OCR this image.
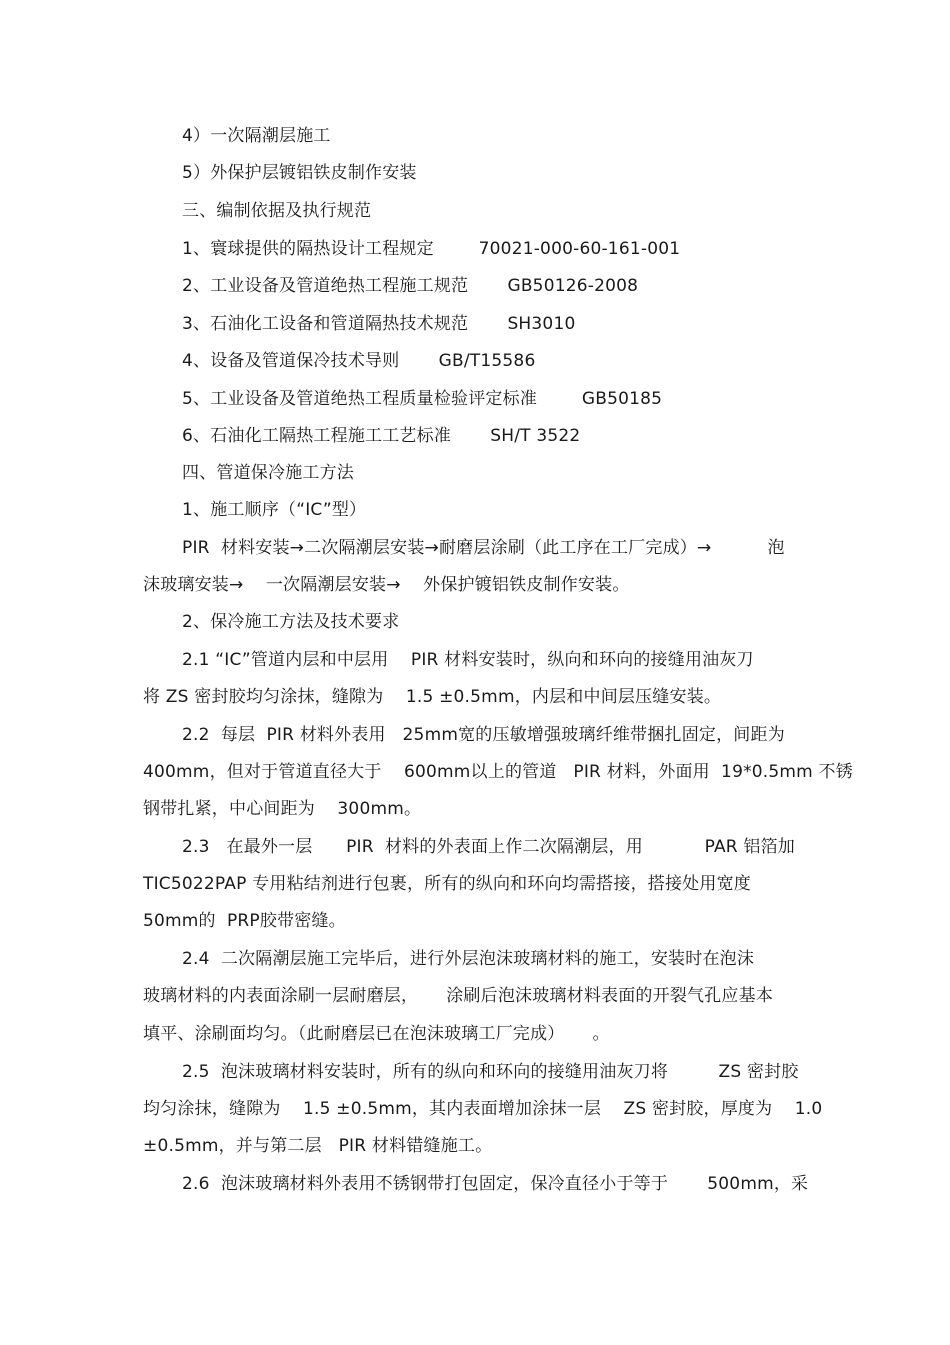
4）一次隔潮层施工
5）外保护层镀铝铁皮制作安装
三、编制依据及执行规范
1、寰球提供的隔热设计工程规定        70021-000-60-161-001
2、工业设备及管道绝热工程施工规范       GB50126-2008
3、石油化工设备和管道隔热技术规范       SH3010
4、设备及管道保冷技术导则       GB/T15586
5、工业设备及管道绝热工程质量检验评定标准        GB50185
6、石油化工隔热工程施工工艺标准       SH/T 3522
四、管道保冷施工方法
1、施工顺序（“IC”型）
PIR  材料安装→二次隔潮层安装→耐磨层涂刷（此工序在工厂完成）→          泡
沫玻璃安装→    一次隔潮层安装→    外保护镀铝铁皮制作安装。
2、保冷施工方法及技术要求
2.1 “IC”管道内层和中层用    PIR 材料安装时，纵向和环向的接缝用油灰刀
将 ZS 密封胶均匀涂抹，缝隙为    1.5 ±0.5mm，内层和中间层压缝安装。
2.2  每层  PIR 材料外表用   25mm宽的压敏增强玻璃纤维带捆扎固定，间距为
400mm，但对于管道直径大于    600mm以上的管道   PIR 材料，外面用  19*0.5mm 不锈
钢带扎紧，中心间距为    300mm。
2.3   在最外一层      PIR  材料的外表面上作二次隔潮层，用           PAR 铝箔加
TIC5022PAP 专用粘结剂进行包裹，所有的纵向和环向均需搭接，搭接处用宽度
50mm的  PRP胶带密缝。
2.4  二次隔潮层施工完毕后，进行外层泡沫玻璃材料的施工，安装时在泡沫
玻璃材料的内表面涂刷一层耐磨层，     涂刷后泡沫玻璃材料表面的开裂气孔应基本
填平、涂刷面均匀。（此耐磨层已在泡沫玻璃工厂完成）     。
2.5  泡沫玻璃材料安装时，所有的纵向和环向的接缝用油灰刀将         ZS 密封胶
均匀涂抹，缝隙为    1.5 ±0.5mm，其内表面增加涂抹一层    ZS 密封胶，厚度为    1.0
±0.5mm，并与第二层   PIR 材料错缝施工。
2.6  泡沫玻璃材料外表用不锈钢带打包固定，保冷直径小于等于       500mm，采
